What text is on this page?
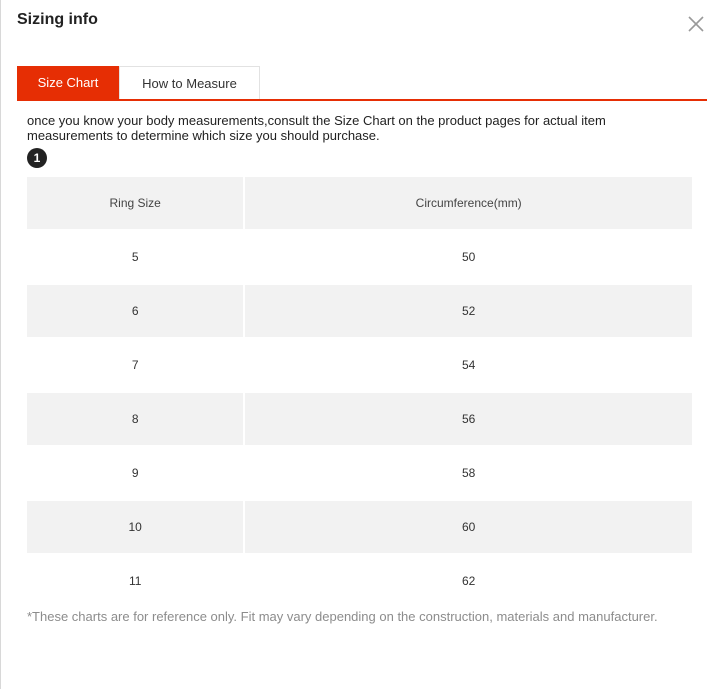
Sizing info
Size Chart	How to Measure
once you know your body measurements,consult the Size Chart on the product pages for actual item measurements to determine which size you should purchase.
1
Ring Size	Circumference(mm)
5	50
6	52
7	54
8	56
9	58
10	60
11	62
*These charts are for reference only. Fit may vary depending on the construction, materials and manufacturer.
